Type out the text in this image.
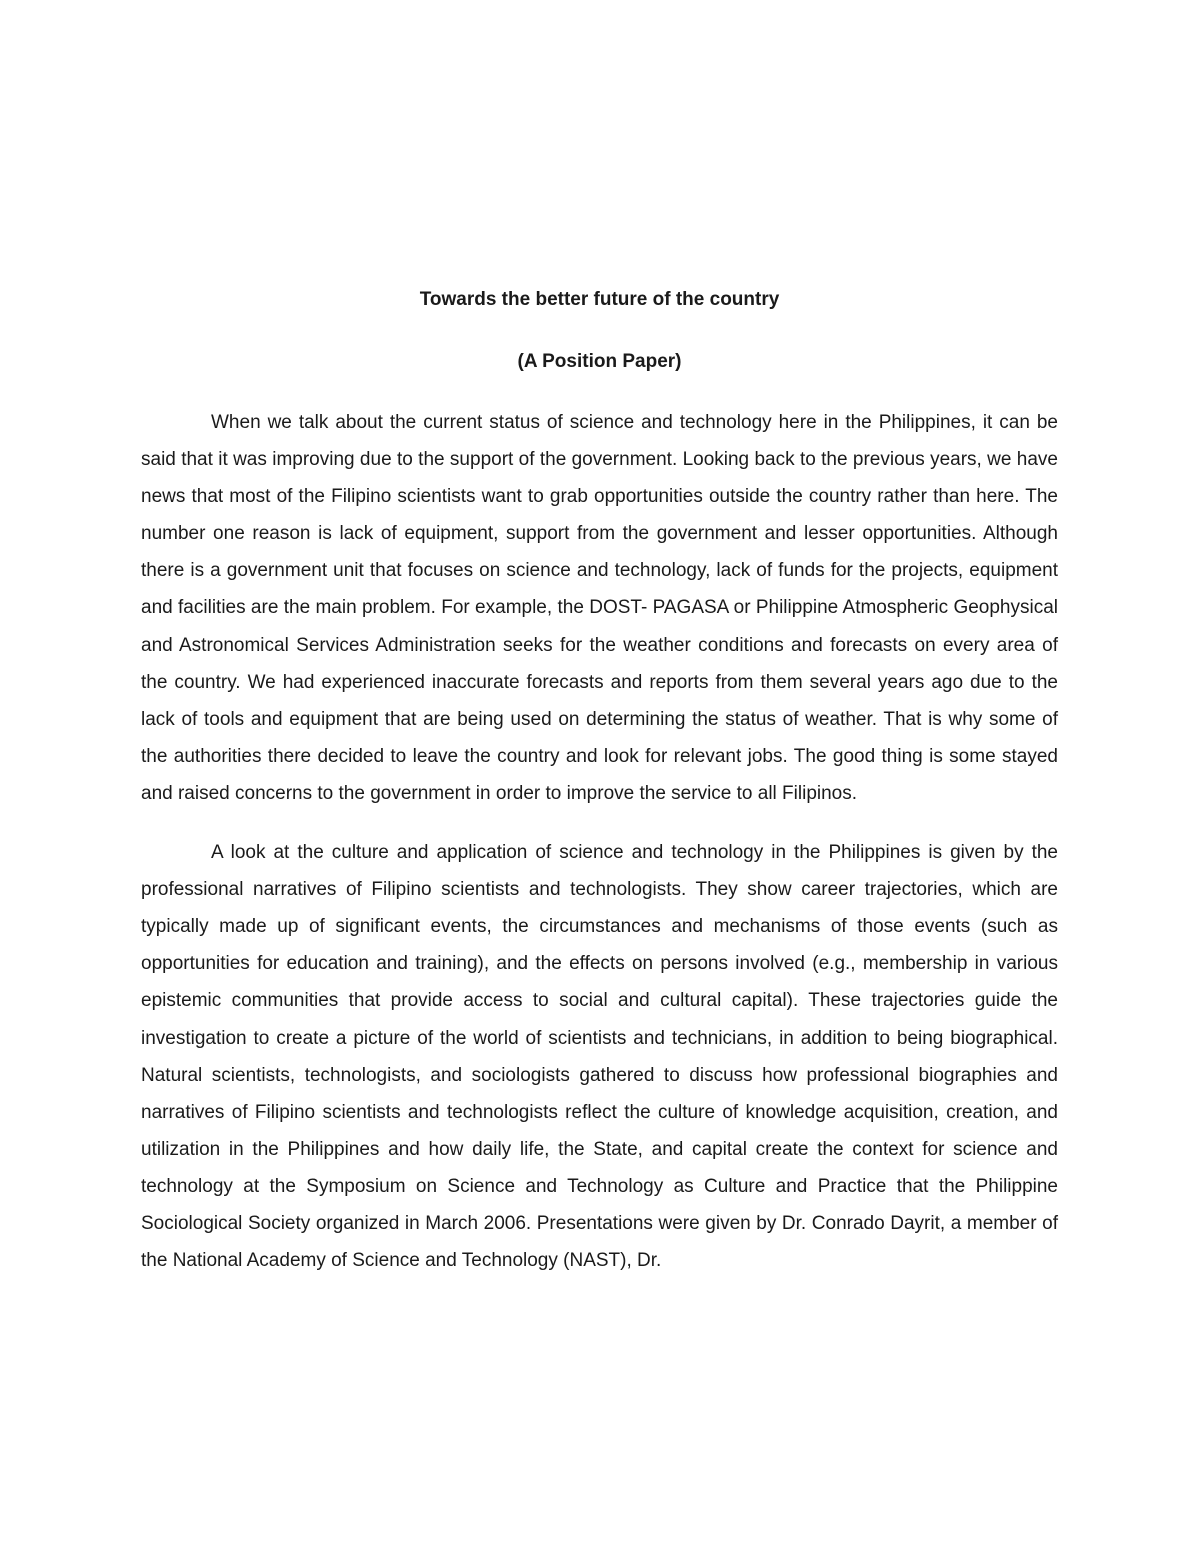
Towards the better future of the country
(A Position Paper)

When we talk about the current status of science and technology here in the Philippines, it can be said that it was improving due to the support of the government. Looking back to the previous years, we have news that most of the Filipino scientists want to grab opportunities outside the country rather than here. The number one reason is lack of equipment, support from the government and lesser opportunities. Although there is a government unit that focuses on science and technology, lack of funds for the projects, equipment and facilities are the main problem. For example, the DOST- PAGASA or Philippine Atmospheric Geophysical and Astronomical Services Administration seeks for the weather conditions and forecasts on every area of the country. We had experienced inaccurate forecasts and reports from them several years ago due to the lack of tools and equipment that are being used on determining the status of weather. That is why some of the authorities there decided to leave the country and look for relevant jobs. The good thing is some stayed and raised concerns to the government in order to improve the service to all Filipinos.

A look at the culture and application of science and technology in the Philippines is given by the professional narratives of Filipino scientists and technologists. They show career trajectories, which are typically made up of significant events, the circumstances and mechanisms of those events (such as opportunities for education and training), and the effects on persons involved (e.g., membership in various epistemic communities that provide access to social and cultural capital). These trajectories guide the investigation to create a picture of the world of scientists and technicians, in addition to being biographical. Natural scientists, technologists, and sociologists gathered to discuss how professional biographies and narratives of Filipino scientists and technologists reflect the culture of knowledge acquisition, creation, and utilization in the Philippines and how daily life, the State, and capital create the context for science and technology at the Symposium on Science and Technology as Culture and Practice that the Philippine Sociological Society organized in March 2006. Presentations were given by Dr. Conrado Dayrit, a member of the National Academy of Science and Technology (NAST), Dr.
